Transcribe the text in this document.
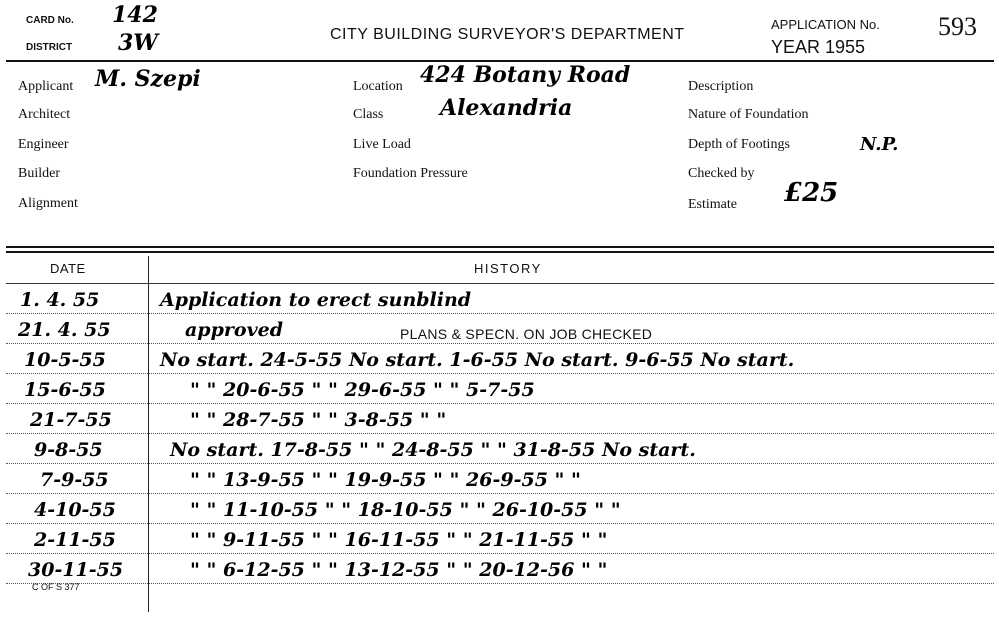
CARD No. 142
DISTRICT 3W	CITY BUILDING SURVEYOR'S DEPARTMENT
APPLICATION No. 593
YEAR 1955
Applicant M. Szepi
Architect
Engineer
Builder
Alignment
Location 424 Botany Road
Class	Alexandria
Live Load
Foundation Pressure
Description
Nature of Foundation
Depth of Footings	N.P.
Checked by
Estimate £25
DATE	HISTORY
PLANS & SPECN. ON JOB CHECKED
1. 4. 55	Application to erect sunblind
21. 4. 55	approved
10-5-55	No start. 24-5-55 No start. 1-6-55 No start. 9-6-55 No start.
15-6-55	" " 20-6-55 " " 29-6-55 " " 5-7-55
21-7-55	" " 28-7-55 " " 3-8-55 " "
9-8-55	No start. 17-8-55 " " 24-8-55 " " 31-8-55 No start.
7-9-55	" " 13-9-55 " " 19-9-55 " " 26-9-55 " "
4-10-55	" " 11-10-55 " " 18-10-55 " " 26-10-55 " "
2-11-55	" " 9-11-55 " " 16-11-55 " " 21-11-55 " "
30-11-55	" " 6-12-55 " " 13-12-55 " " 20-12-56 " "
C OF S 377
